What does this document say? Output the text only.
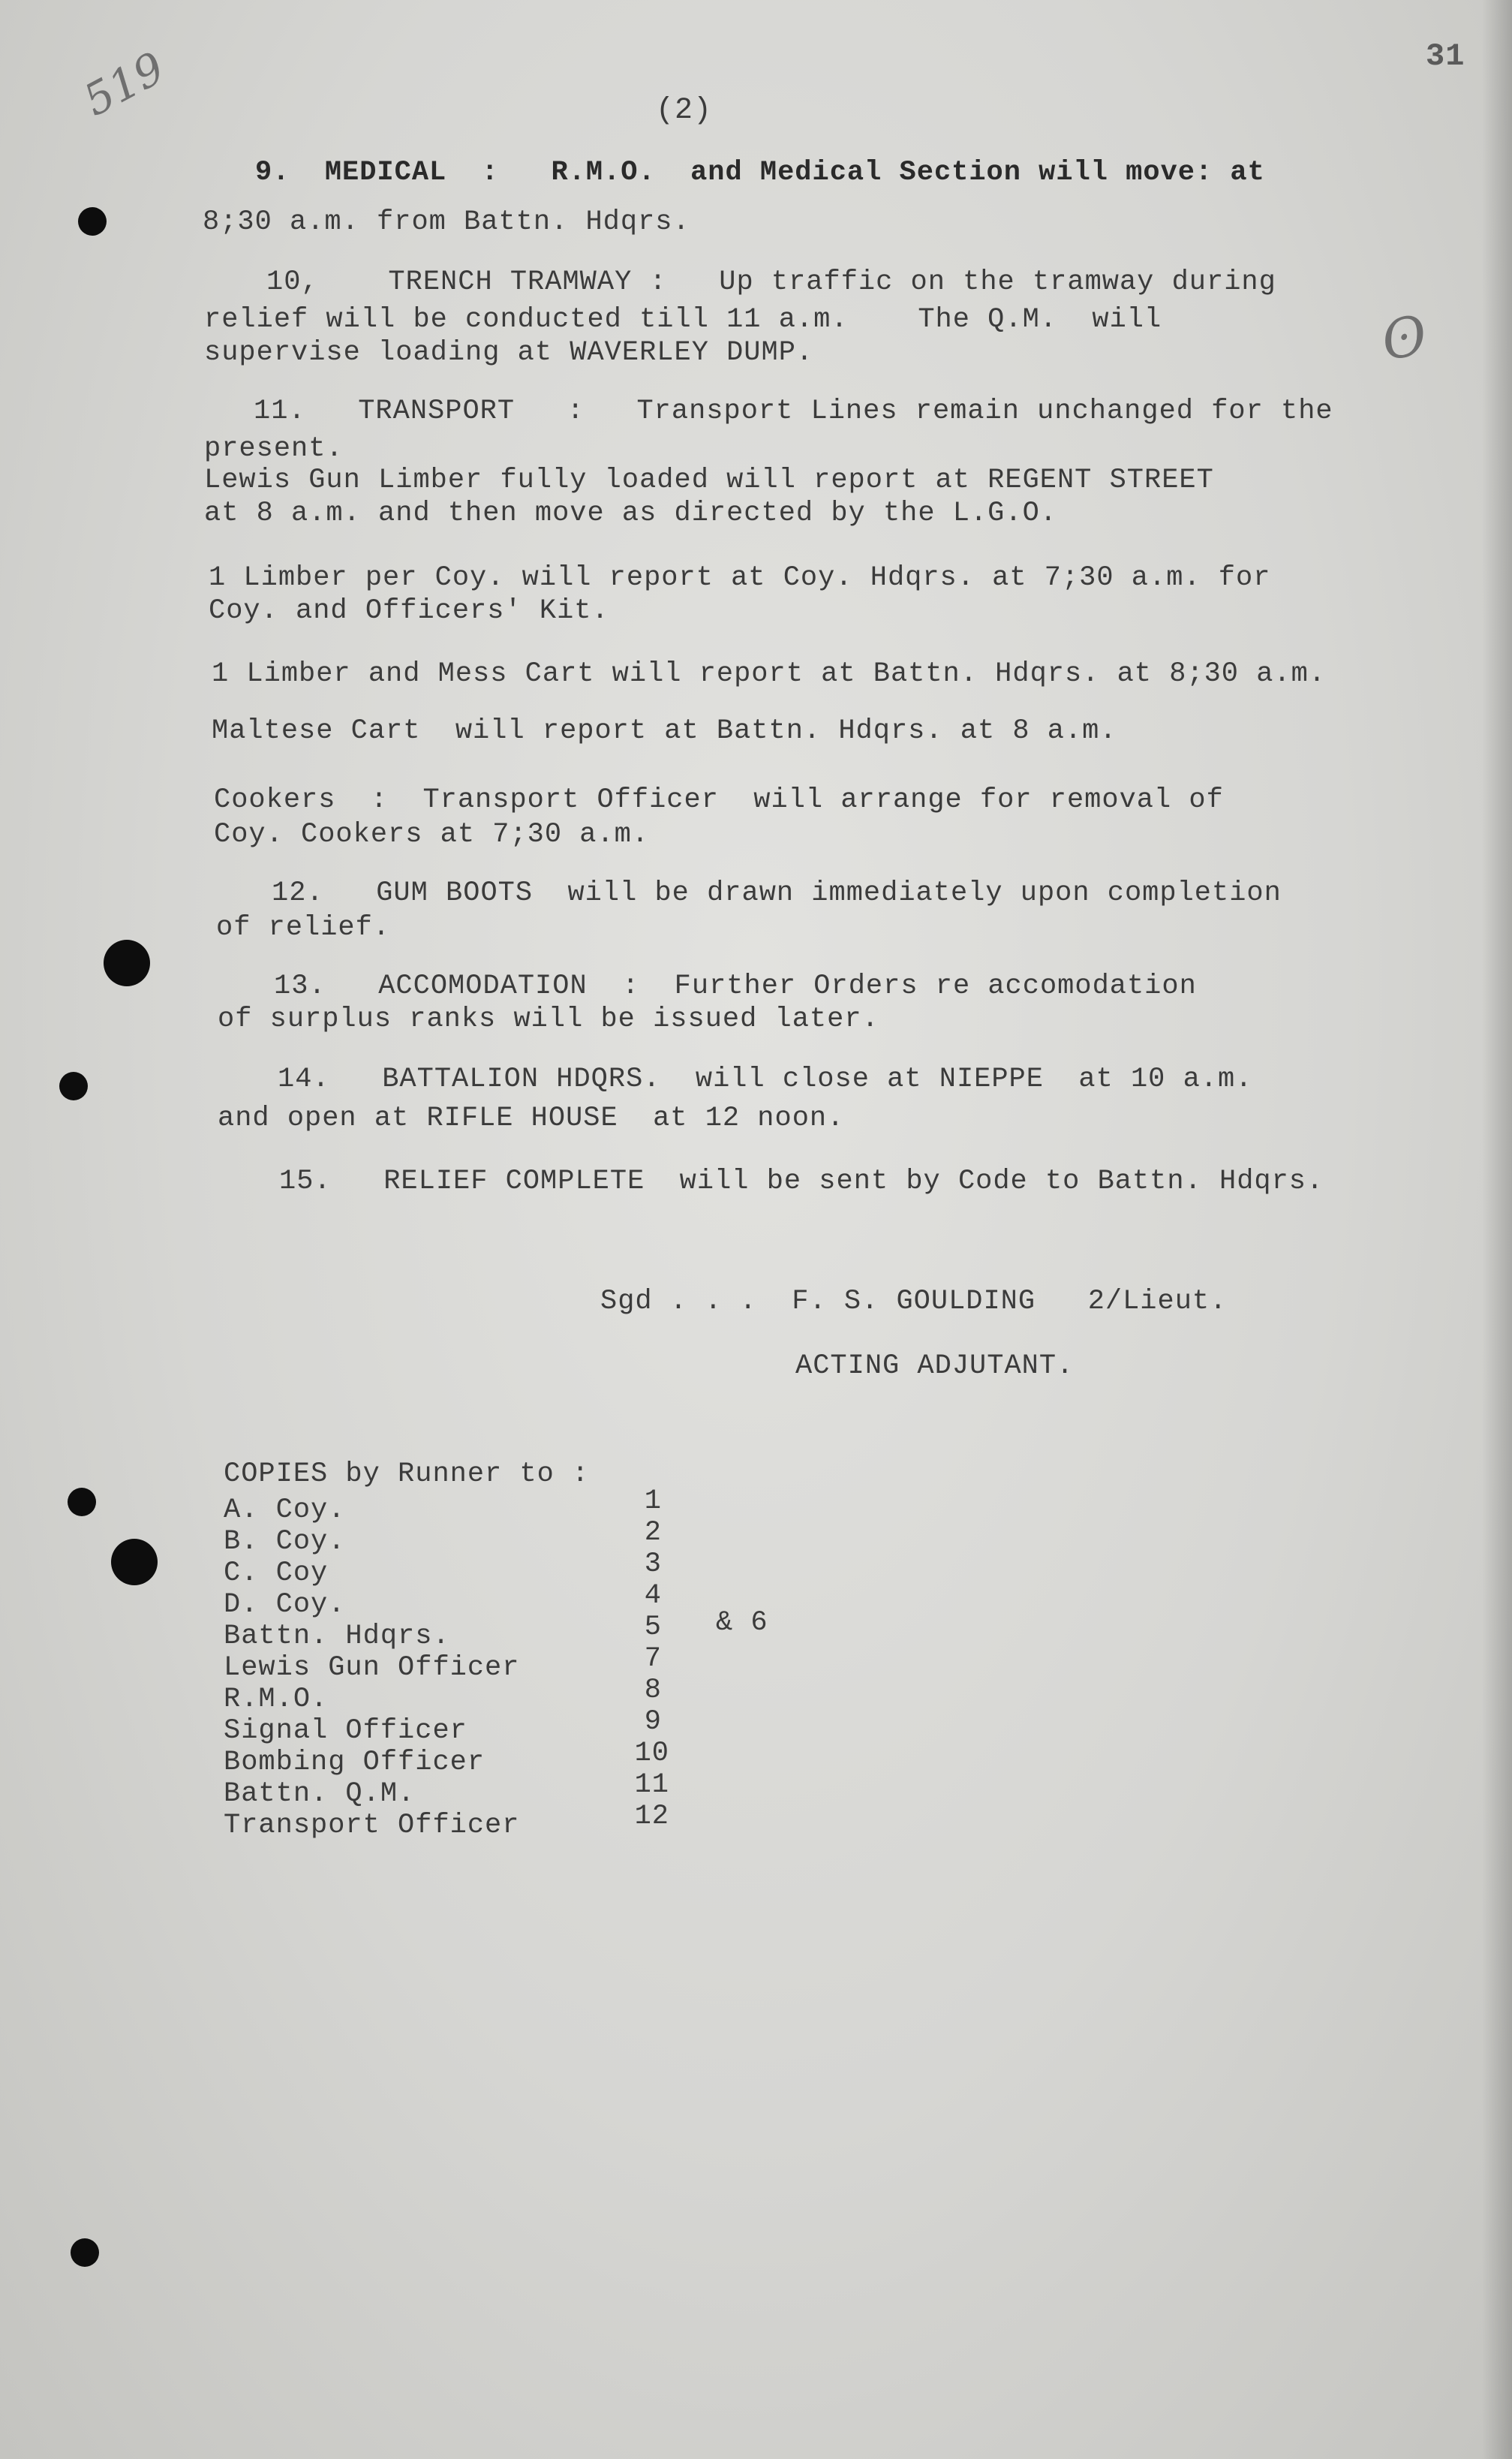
519	31
ʘ
(2)
9.  MEDICAL  :   R.M.O.  and Medical Section will move: at
8;30 a.m. from Battn. Hdqrs.
10,    TRENCH TRAMWAY :   Up traffic on the tramway during
relief will be conducted till 11 a.m.    The Q.M.  will
supervise loading at WAVERLEY DUMP.
11.   TRANSPORT   :   Transport Lines remain unchanged for the
present.
Lewis Gun Limber fully loaded will report at REGENT STREET
at 8 a.m. and then move as directed by the L.G.O.
1 Limber per Coy. will report at Coy. Hdqrs. at 7;30 a.m. for
Coy. and Officers' Kit.
1 Limber and Mess Cart will report at Battn. Hdqrs. at 8;30 a.m.
Maltese Cart  will report at Battn. Hdqrs. at 8 a.m.
Cookers  :  Transport Officer  will arrange for removal of
Coy. Cookers at 7;30 a.m.
12.   GUM BOOTS  will be drawn immediately upon completion
of relief.
13.   ACCOMODATION  :  Further Orders re accomodation
of surplus ranks will be issued later.
14.   BATTALION HDQRS.  will close at NIEPPE  at 10 a.m.
and open at RIFLE HOUSE  at 12 noon.
15.   RELIEF COMPLETE  will be sent by Code to Battn. Hdqrs.
Sgd . . .  F. S. GOULDING   2/Lieut.
ACTING ADJUTANT.
COPIES by Runner to :
A. Coy.	1
B. Coy.	2
C. Coy	3
D. Coy.	4
Battn. Hdqrs.	5 & 6
Lewis Gun Officer	7
R.M.O.	8
Signal Officer	9
Bombing Officer	10
Battn. Q.M.	11
Transport Officer	12
